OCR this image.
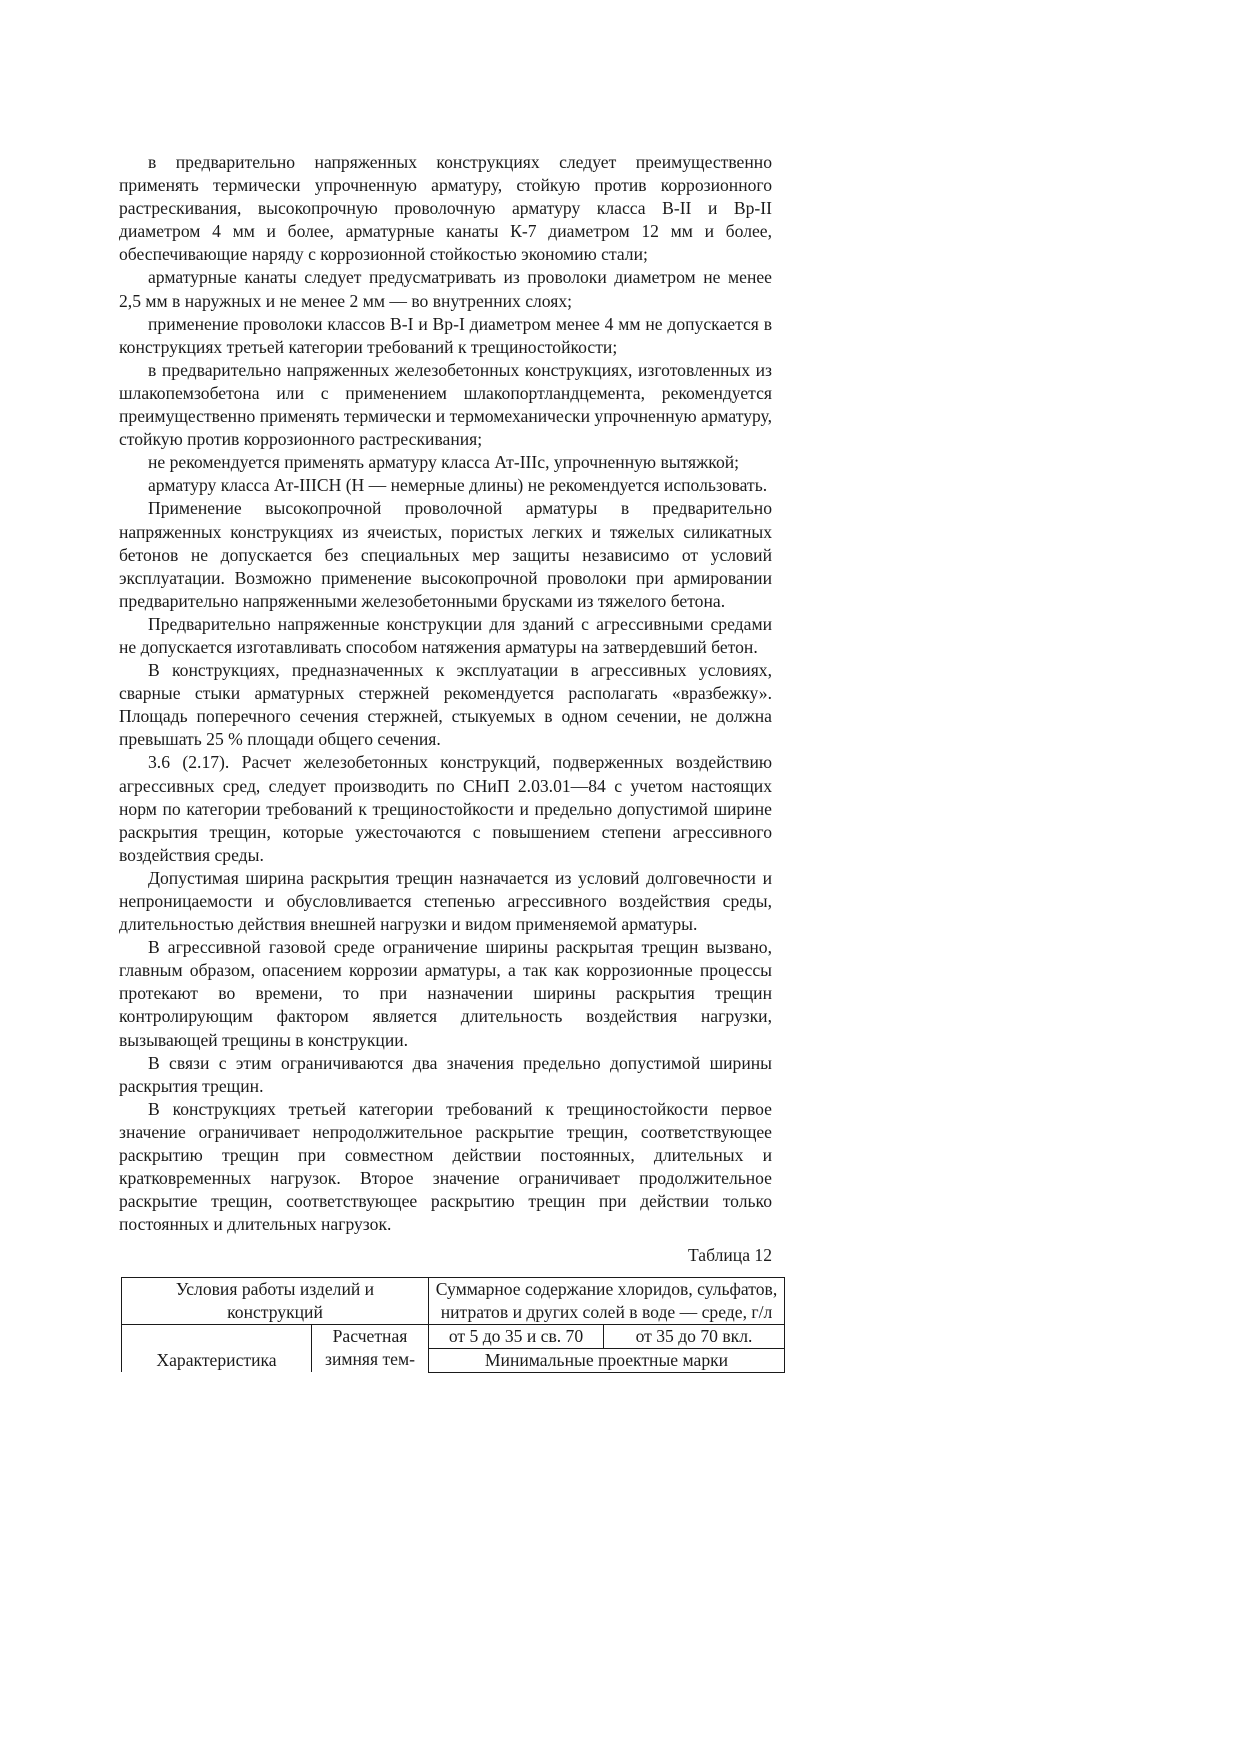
в предварительно напряженных конструкциях следует преимущественно применять термически упрочненную арматуру, стойкую против коррозионного растрескивания, высокопрочную проволочную арматуру класса В-II и Вр-II диаметром 4 мм и более, арматурные канаты К-7 диаметром 12 мм и более, обеспечивающие наряду с коррозионной стойкостью экономию стали;

арматурные канаты следует предусматривать из проволоки диаметром не менее 2,5 мм в наружных и не менее 2 мм — во внутренних слоях;

применение проволоки классов В-I и Вр-I диаметром менее 4 мм не допускается в конструкциях третьей категории требований к трещиностойкости;

в предварительно напряженных железобетонных конструкциях, изготовленных из шлакопемзобетона или с применением шлакопортландцемента, рекомендуется преимущественно применять термически и термомеханически упрочненную арматуру, стойкую против коррозионного растрескивания;

не рекомендуется применять арматуру класса Ат-IIIс, упрочненную вытяжкой;

арматуру класса Ат-IIIСН (Н — немерные длины) не рекомендуется использовать.

Применение высокопрочной проволочной арматуры в предварительно напряженных конструкциях из ячеистых, пористых легких и тяжелых силикатных бетонов не допускается без специальных мер защиты независимо от условий эксплуатации. Возможно применение высокопрочной проволоки при армировании предварительно напряженными железобетонными брусками из тяжелого бетона.

Предварительно напряженные конструкции для зданий с агрессивными средами не допускается изготавливать способом натяжения арматуры на затвердевший бетон.

В конструкциях, предназначенных к эксплуатации в агрессивных условиях, сварные стыки арматурных стержней рекомендуется располагать «вразбежку». Площадь поперечного сечения стержней, стыкуемых в одном сечении, не должна превышать 25 % площади общего сечения.

3.6 (2.17). Расчет железобетонных конструкций, подверженных воздействию агрессивных сред, следует производить по СНиП 2.03.01—84 с учетом настоящих норм по категории требований к трещиностойкости и предельно допустимой ширине раскрытия трещин, которые ужесточаются с повышением степени агрессивного воздействия среды.

Допустимая ширина раскрытия трещин назначается из условий долговечности и непроницаемости и обусловливается степенью агрессивного воздействия среды, длительностью действия внешней нагрузки и видом применяемой арматуры.

В агрессивной газовой среде ограничение ширины раскрытая трещин вызвано, главным образом, опасением коррозии арматуры, а так как коррозионные процессы протекают во времени, то при назначении ширины раскрытия трещин контролирующим фактором является длительность воздействия нагрузки, вызывающей трещины в конструкции.

В связи с этим ограничиваются два значения предельно допустимой ширины раскрытия трещин.

В конструкциях третьей категории требований к трещиностойкости первое значение ограничивает непродолжительное раскрытие трещин, соответствующее раскрытию трещин при совместном действии постоянных, длительных и кратковременных нагрузок. Второе значение ограничивает продолжительное раскрытие трещин, соответствующее раскрытию трещин при действии только постоянных и длительных нагрузок.

Таблица 12
Условия работы изделий и конструкций		Суммарное содержание хлоридов, сульфатов, нитратов и других солей в воде — среде, г/л	
Характеристика	Расчетная зимняя тем-	от 5 до 35 и св. 70	от 35 до 70 вкл.
		Минимальные проектные марки	
